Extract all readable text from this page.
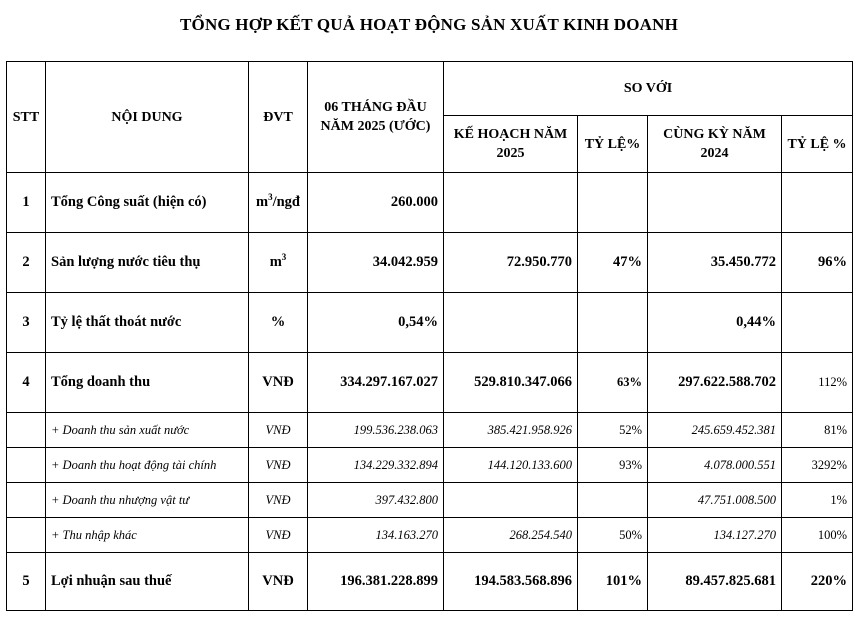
TỔNG HỢP KẾT QUẢ HOẠT ĐỘNG SẢN XUẤT KINH DOANH
STT	NỘI DUNG	ĐVT	06 THÁNG ĐẦU NĂM 2025 (ƯỚC)	SO VỚI			
				KẾ HOẠCH NĂM 2025	TỶ LỆ%	CÙNG KỲ NĂM 2024	TỶ LỆ %
1	Tổng Công suất (hiện có)	$m^3$/ngđ	260.000				
2	Sản lượng nước tiêu thụ	$m^3$	34.042.959	72.950.770	47%	35.450.772	96%
3	Tỷ lệ thất thoát nước	%	0,54%			0,44%	
4	Tổng doanh thu	VNĐ	334.297.167.027	529.810.347.066	63%	297.622.588.702	112%
	+ Doanh thu sản xuất nước	VNĐ	199.536.238.063	385.421.958.926	52%	245.659.452.381	81%
	+ Doanh thu hoạt động tài chính	VNĐ	134.229.332.894	144.120.133.600	93%	4.078.000.551	3292%
	+ Doanh thu nhượng vật tư	VNĐ	397.432.800			47.751.008.500	1%
	+ Thu nhập khác	VNĐ	134.163.270	268.254.540	50%	134.127.270	100%
5	Lợi nhuận sau thuế	VNĐ	196.381.228.899	194.583.568.896	101%	89.457.825.681	220%
